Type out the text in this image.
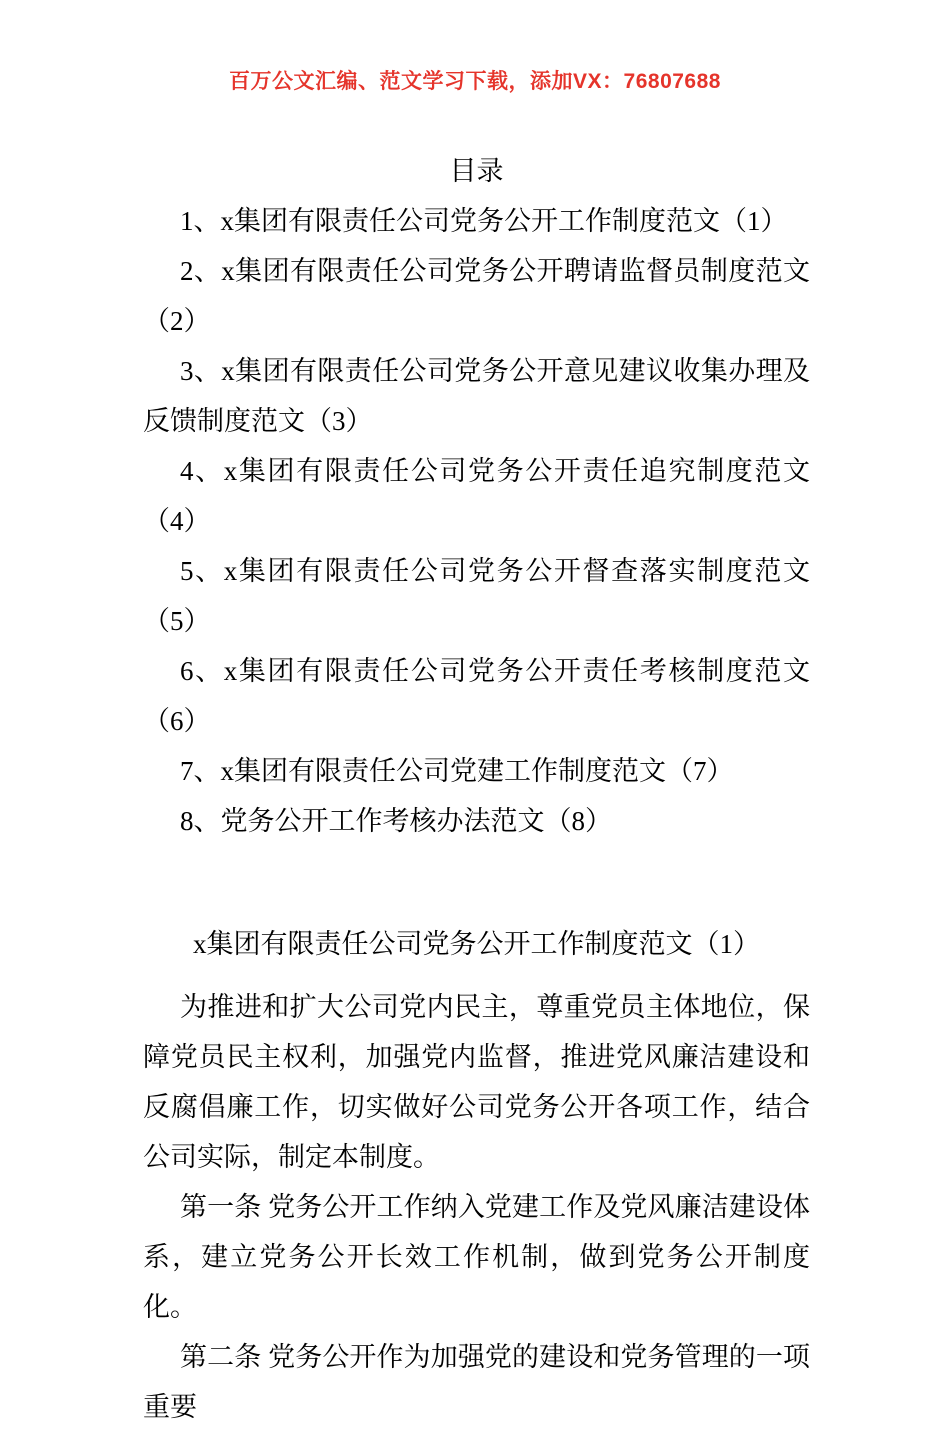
百万公文汇编、范文学习下载，添加VX：76807688
目录

1、x集团有限责任公司党务公开工作制度范文（1）

2、x集团有限责任公司党务公开聘请监督员制度范文（2）

3、x集团有限责任公司党务公开意见建议收集办理及反馈制度范文（3）

4、x集团有限责任公司党务公开责任追究制度范文（4）

5、x集团有限责任公司党务公开督查落实制度范文（5）

6、x集团有限责任公司党务公开责任考核制度范文（6）

7、x集团有限责任公司党建工作制度范文（7）

8、党务公开工作考核办法范文（8）

x集团有限责任公司党务公开工作制度范文（1）

为推进和扩大公司党内民主，尊重党员主体地位，保障党员民主权利，加强党内监督，推进党风廉洁建设和反腐倡廉工作，切实做好公司党务公开各项工作，结合公司实际，制定本制度。

第一条 党务公开工作纳入党建工作及党风廉洁建设体系，建立党务公开长效工作机制，做到党务公开制度化。

第二条 党务公开作为加强党的建设和党务管理的一项重要
